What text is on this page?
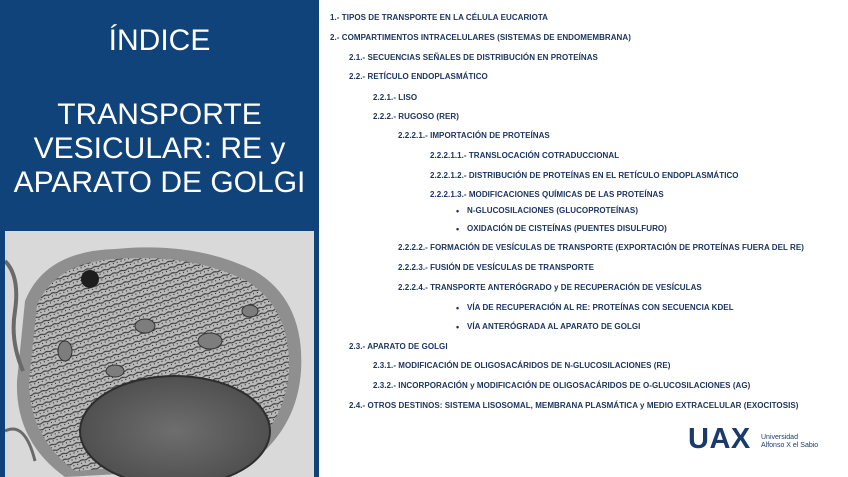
ÍNDICE
TRANSPORTE
VESICULAR: RE y
APARATO DE GOLGI
1.- TIPOS DE TRANSPORTE EN LA CÉLULA EUCARIOTA
2.- COMPARTIMENTOS INTRACELULARES (SISTEMAS DE ENDOMEMBRANA)
2.1.- SECUENCIAS SEÑALES DE DISTRIBUCIÓN EN PROTEÍNAS
2.2.- RETÍCULO ENDOPLASMÁTICO
2.2.1.- LISO
2.2.2.- RUGOSO (RER)
2.2.2.1.- IMPORTACIÓN DE PROTEÍNAS
2.2.2.1.1.- TRANSLOCACIÓN COTRADUCCIONAL
2.2.2.1.2.- DISTRIBUCIÓN DE PROTEÍNAS EN EL RETÍCULO ENDOPLASMÁTICO
2.2.2.1.3.- MODIFICACIONES QUÍMICAS DE LAS PROTEÍNAS
• N-GLUCOSILACIONES (GLUCOPROTEÍNAS)
• OXIDACIÓN DE CISTEÍNAS (PUENTES DISULFURO)
2.2.2.2.- FORMACIÓN DE VESÍCULAS DE TRANSPORTE (EXPORTACIÓN DE PROTEÍNAS FUERA DEL RE)
2.2.2.3.- FUSIÓN DE VESÍCULAS DE TRANSPORTE
2.2.2.4.- TRANSPORTE ANTERÓGRADO y DE RECUPERACIÓN DE VESÍCULAS
• VÍA DE RECUPERACIÓN AL RE: PROTEÍNAS CON SECUENCIA KDEL
• VÍA ANTERÓGRADA AL APARATO DE GOLGI
2.3.- APARATO DE GOLGI
2.3.1.- MODIFICACIÓN DE OLIGOSACÁRIDOS DE N-GLUCOSILACIONES (RE)
2.3.2.- INCORPORACIÓN y MODIFICACIÓN DE OLIGOSACÁRIDOS DE O-GLUCOSILACIONES (AG)
2.4.- OTROS DESTINOS: SISTEMA LISOSOMAL, MEMBRANA PLASMÁTICA y MEDIO EXTRACELULAR (EXOCITOSIS)
UAX Universidad
Alfonso X el Sabio
